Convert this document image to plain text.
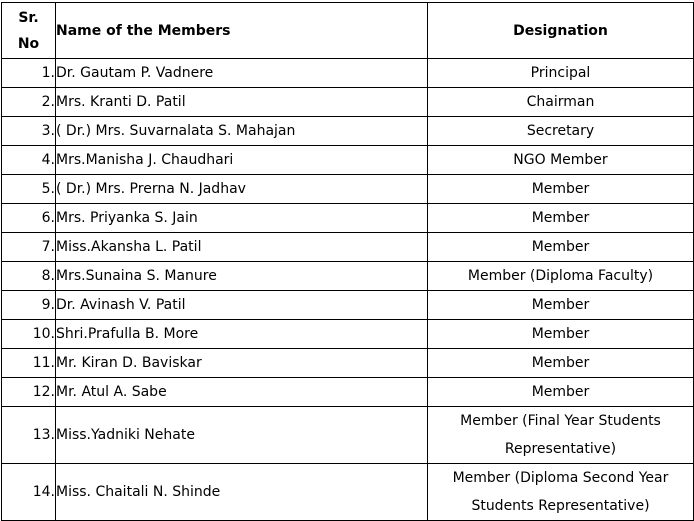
Sr.
No	Name of the Members	Designation
1.	Dr. Gautam P. Vadnere	Principal
2.	Mrs. Kranti D. Patil	Chairman
3.	( Dr.) Mrs. Suvarnalata S. Mahajan	Secretary
4.	Mrs.Manisha J. Chaudhari	NGO Member
5.	( Dr.) Mrs. Prerna N. Jadhav	Member
6.	Mrs. Priyanka S. Jain	Member
7.	Miss.Akansha L. Patil	Member
8.	Mrs.Sunaina S. Manure	Member (Diploma Faculty)
9.	Dr. Avinash V. Patil	Member
10.	Shri.Prafulla B. More	Member
11.	Mr. Kiran D. Baviskar	Member
12.	Mr. Atul A. Sabe	Member
13.	Miss.Yadniki Nehate	Member (Final Year Students
Representative)
14.	Miss. Chaitali N. Shinde	Member (Diploma Second Year
Students Representative)
